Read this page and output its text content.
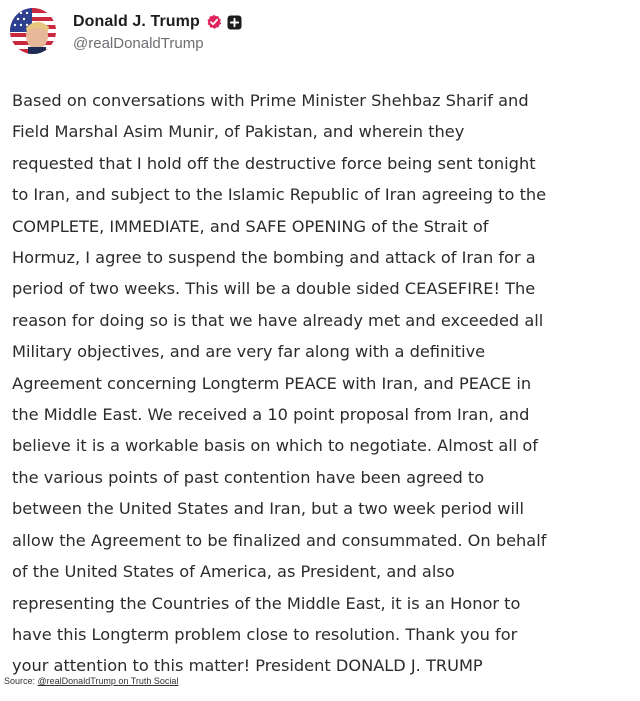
Donald J. Trump
@realDonaldTrump
Based on conversations with Prime Minister Shehbaz Sharif and
Field Marshal Asim Munir, of Pakistan, and wherein they
requested that I hold off the destructive force being sent tonight
to Iran, and subject to the Islamic Republic of Iran agreeing to the
COMPLETE, IMMEDIATE, and SAFE OPENING of the Strait of
Hormuz, I agree to suspend the bombing and attack of Iran for a
period of two weeks. This will be a double sided CEASEFIRE! The
reason for doing so is that we have already met and exceeded all
Military objectives, and are very far along with a definitive
Agreement concerning Longterm PEACE with Iran, and PEACE in
the Middle East. We received a 10 point proposal from Iran, and
believe it is a workable basis on which to negotiate. Almost all of
the various points of past contention have been agreed to
between the United States and Iran, but a two week period will
allow the Agreement to be finalized and consummated. On behalf
of the United States of America, as President, and also
representing the Countries of the Middle East, it is an Honor to
have this Longterm problem close to resolution. Thank you for
your attention to this matter! President DONALD J. TRUMP
Source: @realDonaldTrump on Truth Social
